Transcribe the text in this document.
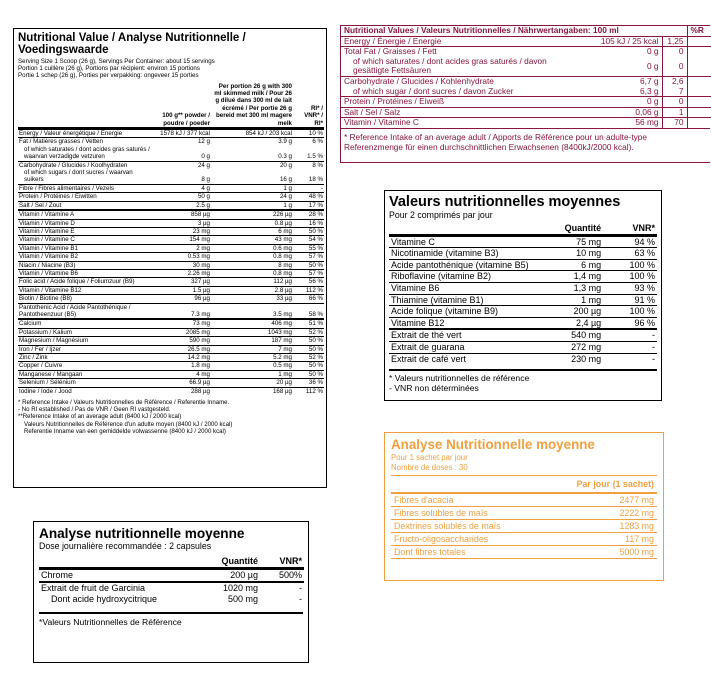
Nutritional Value / Analyse Nutritionnelle / Voedingswaarde
Serving Size 1 Scoop (26 g), Servings Per Container: about 15 servings
Portion 1 cuillère (26 g), Portions par récipient: environ 15 portions
Portie 1 schep (26 g), Porties per verpakking: ongeveer 15 porties
	100 g** powder / poudre / poeder	Per portion 26 g with 300 ml skimmed milk / Pour 26 g dilué dans 300 ml de lait écrémé / Per portie 26 g bereid met 300 ml magere melk	RI* / VNR* / RI*
Energy / Valeur énergétique / Energie	1578 kJ / 377 kcal	854 kJ / 203 kcal	10 %
Fat / Matières grasses / Vetten	12 g	3.9 g	6 %
of which saturates / dont acides gras saturés / waarvan verzadigde vetzuren	0 g	0.3 g	1.5 %
Carbohydrate / Glucides / Koolhydraten	24 g	20 g	8 %
of which sugars / dont sucres / waarvan suikers	8 g	16 g	18 %
Fibre / Fibres alimentaires / Vezels	4 g	1 g	-
Protein / Protéines / Eiwitten	50 g	24 g	48 %
Salt / Sel / Zout	2.5 g	1 g	17 %
Vitamin / Vitamine A	858 µg	226 µg	28 %
Vitamin / Vitamine D	3 µg	0.8 µg	16 %
Vitamin / Vitamine E	23 mg	6 mg	50 %
Vitamin / Vitamine C	154 mg	43 mg	54 %
Vitamin / Vitamine B1	2 mg	0.6 mg	55 %
Vitamin / Vitamine B2	0.53 mg	0.8 mg	57 %
Niacin / Niacine (B3)	30 mg	8 mg	50 %
Vitamin / Vitamine B6	2.26 mg	0.8 mg	57 %
Folic acid / Acide folique / Foliumzuur (B9)	327 µg	112 µg	56 %
Vitamin / Vitamine B12	1.5 µg	2.8 µg	112 %
Biotin / Biotine (B8)	96 µg	33 µg	66 %
Pantothenic Acid / Acide Pantothénique / Pantotheenzuur (B5)	7.3 mg	3.5 mg	58 %
Calcium	73 mg	406 mg	51 %
Potassium / Kalium	2085 mg	1043 mg	52 %
Magnesium / Magnésium	590 mg	187 mg	50 %
Iron / Fer / Ijzer	26.5 mg	7 mg	50 %
Zinc / Zink	14.2 mg	5.2 mg	52 %
Copper / Cuivre	1.8 mg	0.5 mg	50 %
Manganese / Mangaan	4 mg	1 mg	50 %
Selenium / Sélénium	66.9 µg	20 µg	36 %
Iodine / Iode / Jood	288 µg	168 µg	112 %
* Reference Intake / Valeurs Nutritionnelles de Référence / Referentie Inname.
- No RI established / Pas de VNR / Geen RI vastgesteld.
**Reference Intake of an average adult (8400 kJ / 2000 kcal)
Valeurs Nutritionnelles de Référence d'un adulte moyen (8400 kJ / 2000 kcal)
Referentie Inname van een gemiddelde volwassenne (8400 kJ / 2000 kcal)
Nutritional Values / Valeurs Nutritionnelles / Nährwertangaben: 100 ml			%R
Energy / Énergie / Energie	105 kJ / 25 kcal	1,25	
Total Fat / Graisses / Fett	0 g	0	
of which saturates / dont acides gras saturés / davon gesättigte Fettsäuren	0 g	0	
Carbohydrate / Glucides / Kohlenhydrate	6,7 g	2,6	
of which sugar / dont sucres / davon Zucker	6,3 g	7	
Protein / Protéines / Eiweiß	0 g	0	
Salt / Sel / Salz	0,06 g	1	
Vitamin / Vitamine C	56 mg	70	
* Reference Intake of an average adult / Apports de Référence pour un adulte-type Referenzmenge für einen durchschnittlichen Erwachsenen (8400kJ/2000 kcal).
Valeurs nutritionnelles moyennes
Pour 2 comprimés par jour
	Quantité	VNR*
Vitamine C	75 mg	94 %
Nicotinamide (vitamine B3)	10 mg	63 %
Acide pantothénique (vitamine B5)	6 mg	100 %
Riboflavine (vitamine B2)	1,4 mg	100 %
Vitamine B6	1,3 mg	93 %
Thiamine (vitamine B1)	1 mg	91 %
Acide folique (vitamine B9)	200 µg	100 %
Vitamine B12	2,4 µg	96 %
Extrait de thé vert	540 mg	-
Extrait de guarana	272 mg	-
Extrait de café vert	230 mg	-
* Valeurs nutritionnelles de référence
- VNR non déterminées
Analyse Nutritionnelle moyenne
Pour 1 sachet par jour
Nombre de doses : 30
Par jour (1 sachet)
Fibres d'acacia	2477 mg
Fibres solubles de maïs	2222 mg
Dextrines solubles de maïs	1283 mg
Fructo-oligosaccharides	117 mg
Dont fibres totales	5000 mg
Analyse nutritionnelle moyenne
Dose journalière recommandée : 2 capsules
	Quantité	VNR*
Chrome	200 µg	500%
Extrait de fruit de Garcinia	1020 mg	-
Dont acide hydroxycitrique	500 mg	-
*Valeurs Nutritionnelles de Référence
